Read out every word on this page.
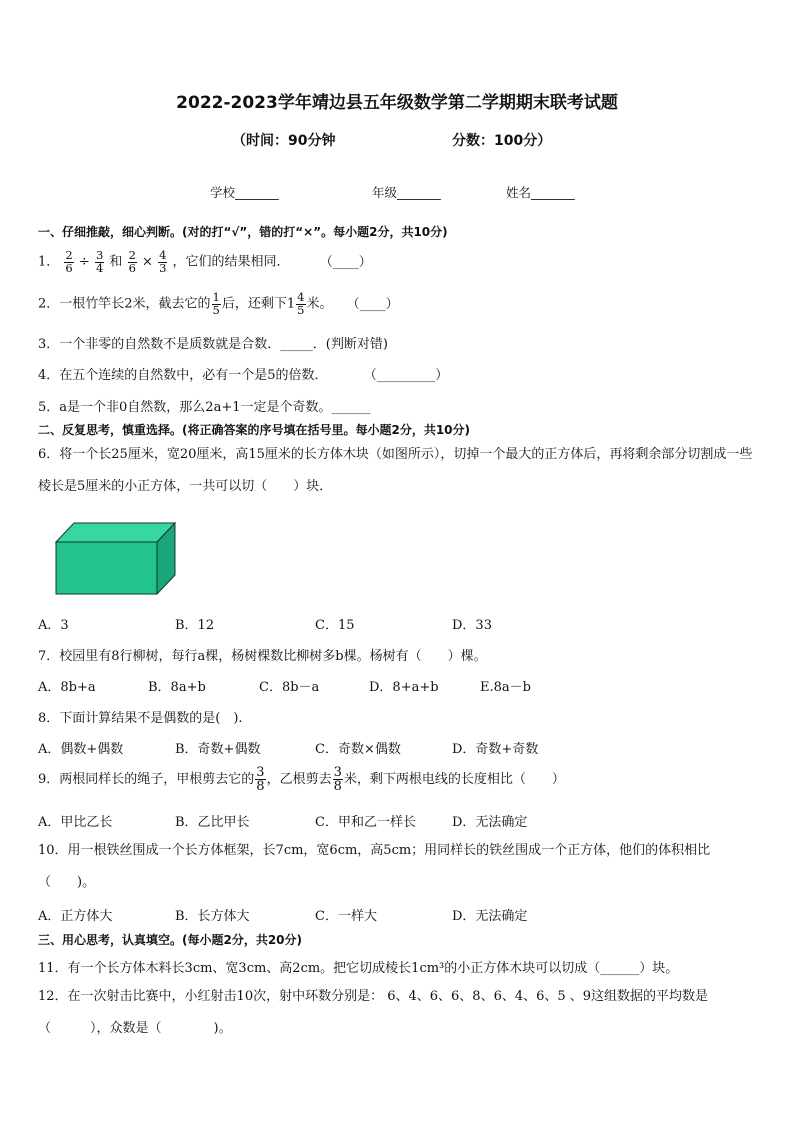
2022-2023学年靖边县五年级数学第二学期期末联考试题
（时间：90分钟	分数：100分）
学校_______	年级_______	姓名_______
一、仔细推敲，细心判断。(对的打“√”，错的打“×”。每小题2分，共10分)
1． $\frac{2}{6} \div \frac{3}{4}$ 和 $\frac{2}{6} \times \frac{4}{3}$ ，它们的结果相同． （____）
2．一根竹竿长2米，截去它的 $\frac{1}{5}$ 后，还剩下$1 \frac{4}{5}$ 米。 （____）
3．一个非零的自然数不是质数就是合数．_____．(判断对错)
4．在五个连续的自然数中，必有一个是5的倍数．	（_________）
5．a是一个非0自然数，那么2a+1一定是个奇数。______
二、反复思考，慎重选择。(将正确答案的序号填在括号里。每小题2分，共10分)
6．将一个长25厘米，宽20厘米，高15厘米的长方体木块（如图所示），切掉一个最大的正方体后，再将剩余部分切割成一些棱长是5厘米的小正方体，一共可以切（　　）块．
A．3	B．12	C．15	D．33
7．校园里有8行柳树，每行a棵，杨树棵数比柳树多b棵。杨树有（　　）棵。
A．8b+a	B．8a+b	C．8b－a	D．8+a+b	E.8a－b
8．下面计算结果不是偶数的是(　).
A．偶数+偶数	B．奇数+偶数	C．奇数×偶数	D．奇数+奇数
9．两根同样长的绳子，甲根剪去它的 $\frac{3}{8}$ ，乙根剪去 $\frac{3}{8}$ 米，剩下两根电线的长度相比（　　）
A．甲比乙长	B．乙比甲长	C．甲和乙一样长	D．无法确定
10．用一根铁丝围成一个长方体框架，长7cm，宽6cm，高5cm；用同样长的铁丝围成一个正方体，他们的体积相比（　　)。
A．正方体大	B．长方体大	C．一样大	D．无法确定
三、用心思考，认真填空。(每小题2分，共20分)
11．有一个长方体木料长3cm、宽3cm、高2cm。把它切成棱长1cm³的小正方体木块可以切成（______）块。
12．在一次射击比赛中，小红射击10次，射中环数分别是： 6、4、6、6、8、6、4、6、5 、9这组数据的平均数是（　　　），众数是（　　　　)。
